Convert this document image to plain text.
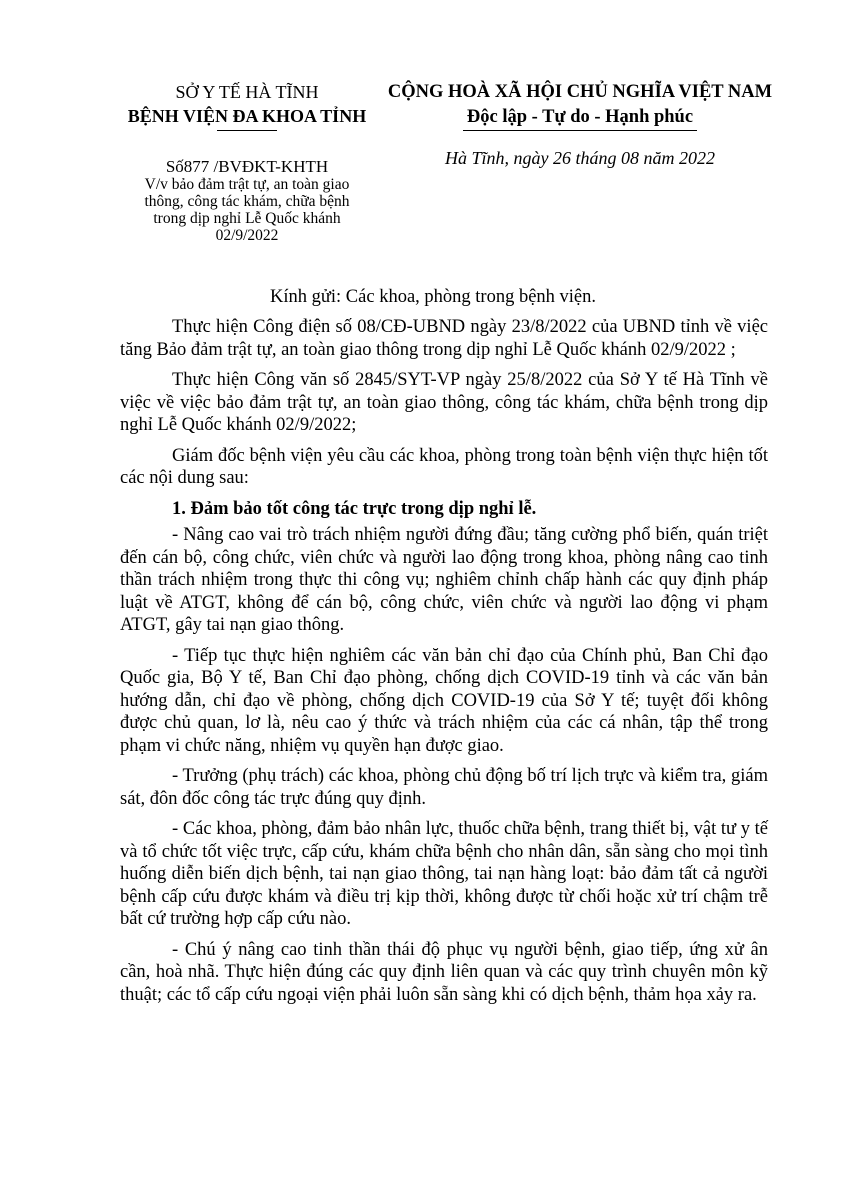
SỞ Y TẾ HÀ TĨNH
BỆNH VIỆN ĐA KHOA TỈNH
CỘNG HOÀ XÃ HỘI CHỦ NGHĨA VIỆT NAM
Độc lập - Tự do - Hạnh phúc
Số877 /BVĐKT-KHTH
V/v bảo đảm trật tự, an toàn giao thông, công tác khám, chữa bệnh trong dịp nghỉ Lễ Quốc khánh 02/9/2022
Hà Tĩnh, ngày 26 tháng 08 năm 2022
Kính gửi: Các khoa, phòng trong bệnh viện.

Thực hiện Công điện số 08/CĐ-UBND ngày 23/8/2022 của UBND tỉnh về việc tăng Bảo đảm trật tự, an toàn giao thông trong dịp nghỉ Lễ Quốc khánh 02/9/2022 ;

Thực hiện Công văn số 2845/SYT-VP ngày 25/8/2022 của Sở Y tế Hà Tĩnh về việc về việc bảo đảm trật tự, an toàn giao thông, công tác khám, chữa bệnh trong dịp nghỉ Lễ Quốc khánh 02/9/2022;

Giám đốc bệnh viện yêu cầu các khoa, phòng trong toàn bệnh viện thực hiện tốt các nội dung sau:

1. Đảm bảo tốt công tác trực trong dịp nghỉ lễ.

- Nâng cao vai trò trách nhiệm người đứng đầu; tăng cường phổ biến, quán triệt đến cán bộ, công chức, viên chức và người lao động trong khoa, phòng nâng cao tinh thần trách nhiệm trong thực thi công vụ; nghiêm chỉnh chấp hành các quy định pháp luật về ATGT, không để cán bộ, công chức, viên chức và người lao động vi phạm ATGT, gây tai nạn giao thông.

- Tiếp tục thực hiện nghiêm các văn bản chỉ đạo của Chính phủ, Ban Chỉ đạo Quốc gia, Bộ Y tế, Ban Chỉ đạo phòng, chống dịch COVID-19 tỉnh và các văn bản hướng dẫn, chỉ đạo về phòng, chống dịch COVID-19 của Sở Y tế; tuyệt đối không được chủ quan, lơ là, nêu cao ý thức và trách nhiệm của các cá nhân, tập thể trong phạm vi chức năng, nhiệm vụ quyền hạn được giao.

- Trưởng (phụ trách) các khoa, phòng chủ động bố trí lịch trực và kiểm tra, giám sát, đôn đốc công tác trực đúng quy định.

- Các khoa, phòng, đảm bảo nhân lực, thuốc chữa bệnh, trang thiết bị, vật tư y tế và tổ chức tốt việc trực, cấp cứu, khám chữa bệnh cho nhân dân, sẵn sàng cho mọi tình huống diễn biến dịch bệnh, tai nạn giao thông, tai nạn hàng loạt: bảo đảm tất cả người bệnh cấp cứu được khám và điều trị kịp thời, không được từ chối hoặc xử trí chậm trễ bất cứ trường hợp cấp cứu nào.

- Chú ý nâng cao tinh thần thái độ phục vụ người bệnh, giao tiếp, ứng xử ân cần, hoà nhã. Thực hiện đúng các quy định liên quan và các quy trình chuyên môn kỹ thuật; các tổ cấp cứu ngoại viện phải luôn sẵn sàng khi có dịch bệnh, thảm họa xảy ra.
